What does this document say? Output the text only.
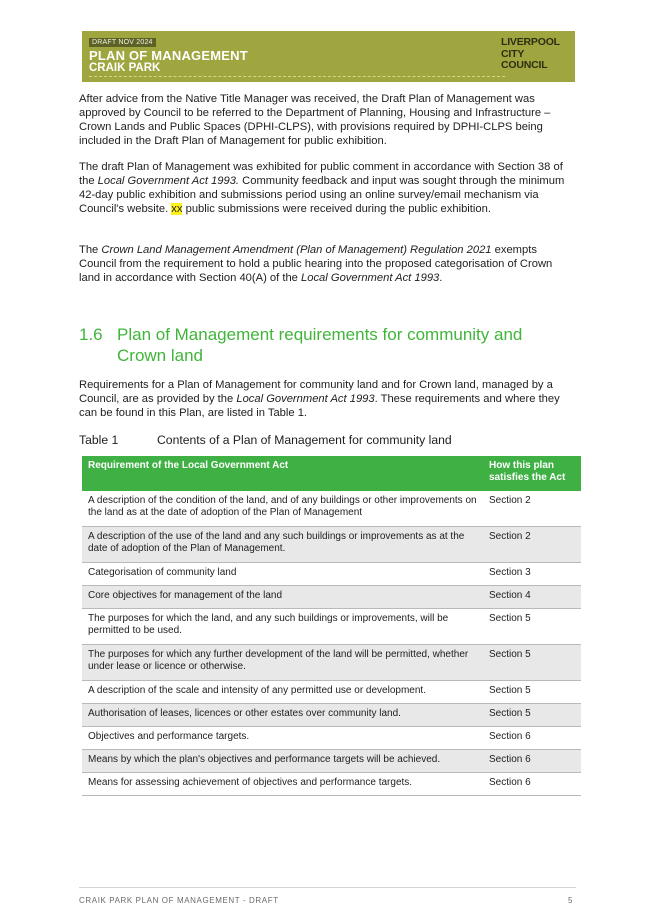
DRAFT NOV 2024
PLAN OF MANAGEMENT
CRAIK PARK
LIVERPOOL
CITY
COUNCIL

After advice from the Native Title Manager was received, the Draft Plan of Management was approved by Council to be referred to the Department of Planning, Housing and Infrastructure – Crown Lands and Public Spaces (DPHI-CLPS), with provisions required by DPHI-CLPS being included in the Draft Plan of Management for public exhibition.

The draft Plan of Management was exhibited for public comment in accordance with Section 38 of the Local Government Act 1993. Community feedback and input was sought through the minimum 42-day public exhibition and submissions period using an online survey/email mechanism via Council's website. xx public submissions were received during the public exhibition.

The Crown Land Management Amendment (Plan of Management) Regulation 2021 exempts Council from the requirement to hold a public hearing into the proposed categorisation of Crown land in accordance with Section 40(A) of the Local Government Act 1993.

1.6 Plan of Management requirements for community and
Crown land

Requirements for a Plan of Management for community land and for Crown land, managed by a Council, are as provided by the Local Government Act 1993. These requirements and where they can be found in this Plan, are listed in Table 1.

Table 1	Contents of a Plan of Management for community land
Requirement of the Local Government Act	How this plan satisfies the Act
A description of the condition of the land, and of any buildings or other improvements on the land as at the date of adoption of the Plan of Management	Section 2
A description of the use of the land and any such buildings or improvements as at the date of adoption of the Plan of Management.	Section 2
Categorisation of community land	Section 3
Core objectives for management of the land	Section 4
The purposes for which the land, and any such buildings or improvements, will be permitted to be used.	Section 5
The purposes for which any further development of the land will be permitted, whether under lease or licence or otherwise.	Section 5
A description of the scale and intensity of any permitted use or development.	Section 5
Authorisation of leases, licences or other estates over community land.	Section 5
Objectives and performance targets.	Section 6
Means by which the plan's objectives and performance targets will be achieved.	Section 6
Means for assessing achievement of objectives and performance targets.	Section 6
CRAIK PARK PLAN OF MANAGEMENT - DRAFT	5
